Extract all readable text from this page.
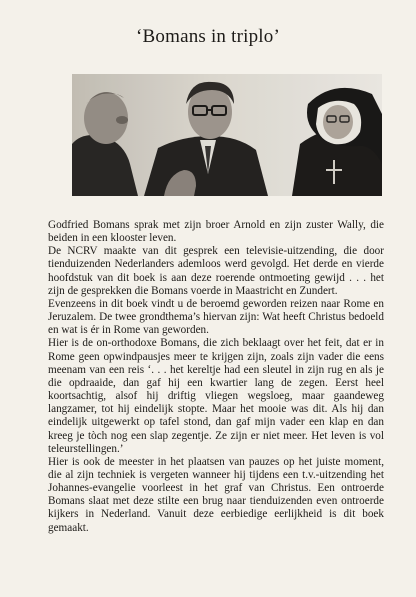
‘Bomans in triplo’

Godfried Bomans sprak met zijn broer Arnold en zijn zuster Wally, die beiden in een klooster leven.

De NCRV maakte van dit gesprek een televisie-uitzending, die door tienduizenden Nederlanders ademloos werd gevolgd. Het derde en vierde hoofdstuk van dit boek is aan deze roerende ontmoeting gewijd . . . het zijn de gesprekken die Bomans voerde in Maastricht en Zundert.

Evenzeens in dit boek vindt u de beroemd geworden reizen naar Rome en Jeruzalem. De twee grondthema’s hiervan zijn: Wat heeft Christus bedoeld en wat is ér in Rome van geworden.

Hier is de on-orthodoxe Bomans, die zich beklaagt over het feit, dat er in Rome geen opwindpausjes meer te krijgen zijn, zoals zijn vader die eens meenam van een reis ‘. . . het kereltje had een sleutel in zijn rug en als je die opdraaide, dan gaf hij een kwartier lang de zegen. Eerst heel koortsachtig, alsof hij driftig vliegen wegsloeg, maar gaandeweg langzamer, tot hij eindelijk stopte. Maar het mooie was dit. Als hij dan eindelijk uitgewerkt op tafel stond, dan gaf mijn vader een klap en dan kreeg je tòch nog een slap zegentje. Ze zijn er niet meer. Het leven is vol teleurstellingen.’

Hier is ook de meester in het plaatsen van pauzes op het juiste moment, die al zijn techniek is vergeten wanneer hij tijdens een t.v.-uitzending het Johannes-evangelie voorleest in het graf van Christus. Een ontroerde Bomans slaat met deze stilte een brug naar tienduizenden even ontroerde kijkers in Nederland. Vanuit deze eerbiedige eerlijkheid is dit boek gemaakt.
